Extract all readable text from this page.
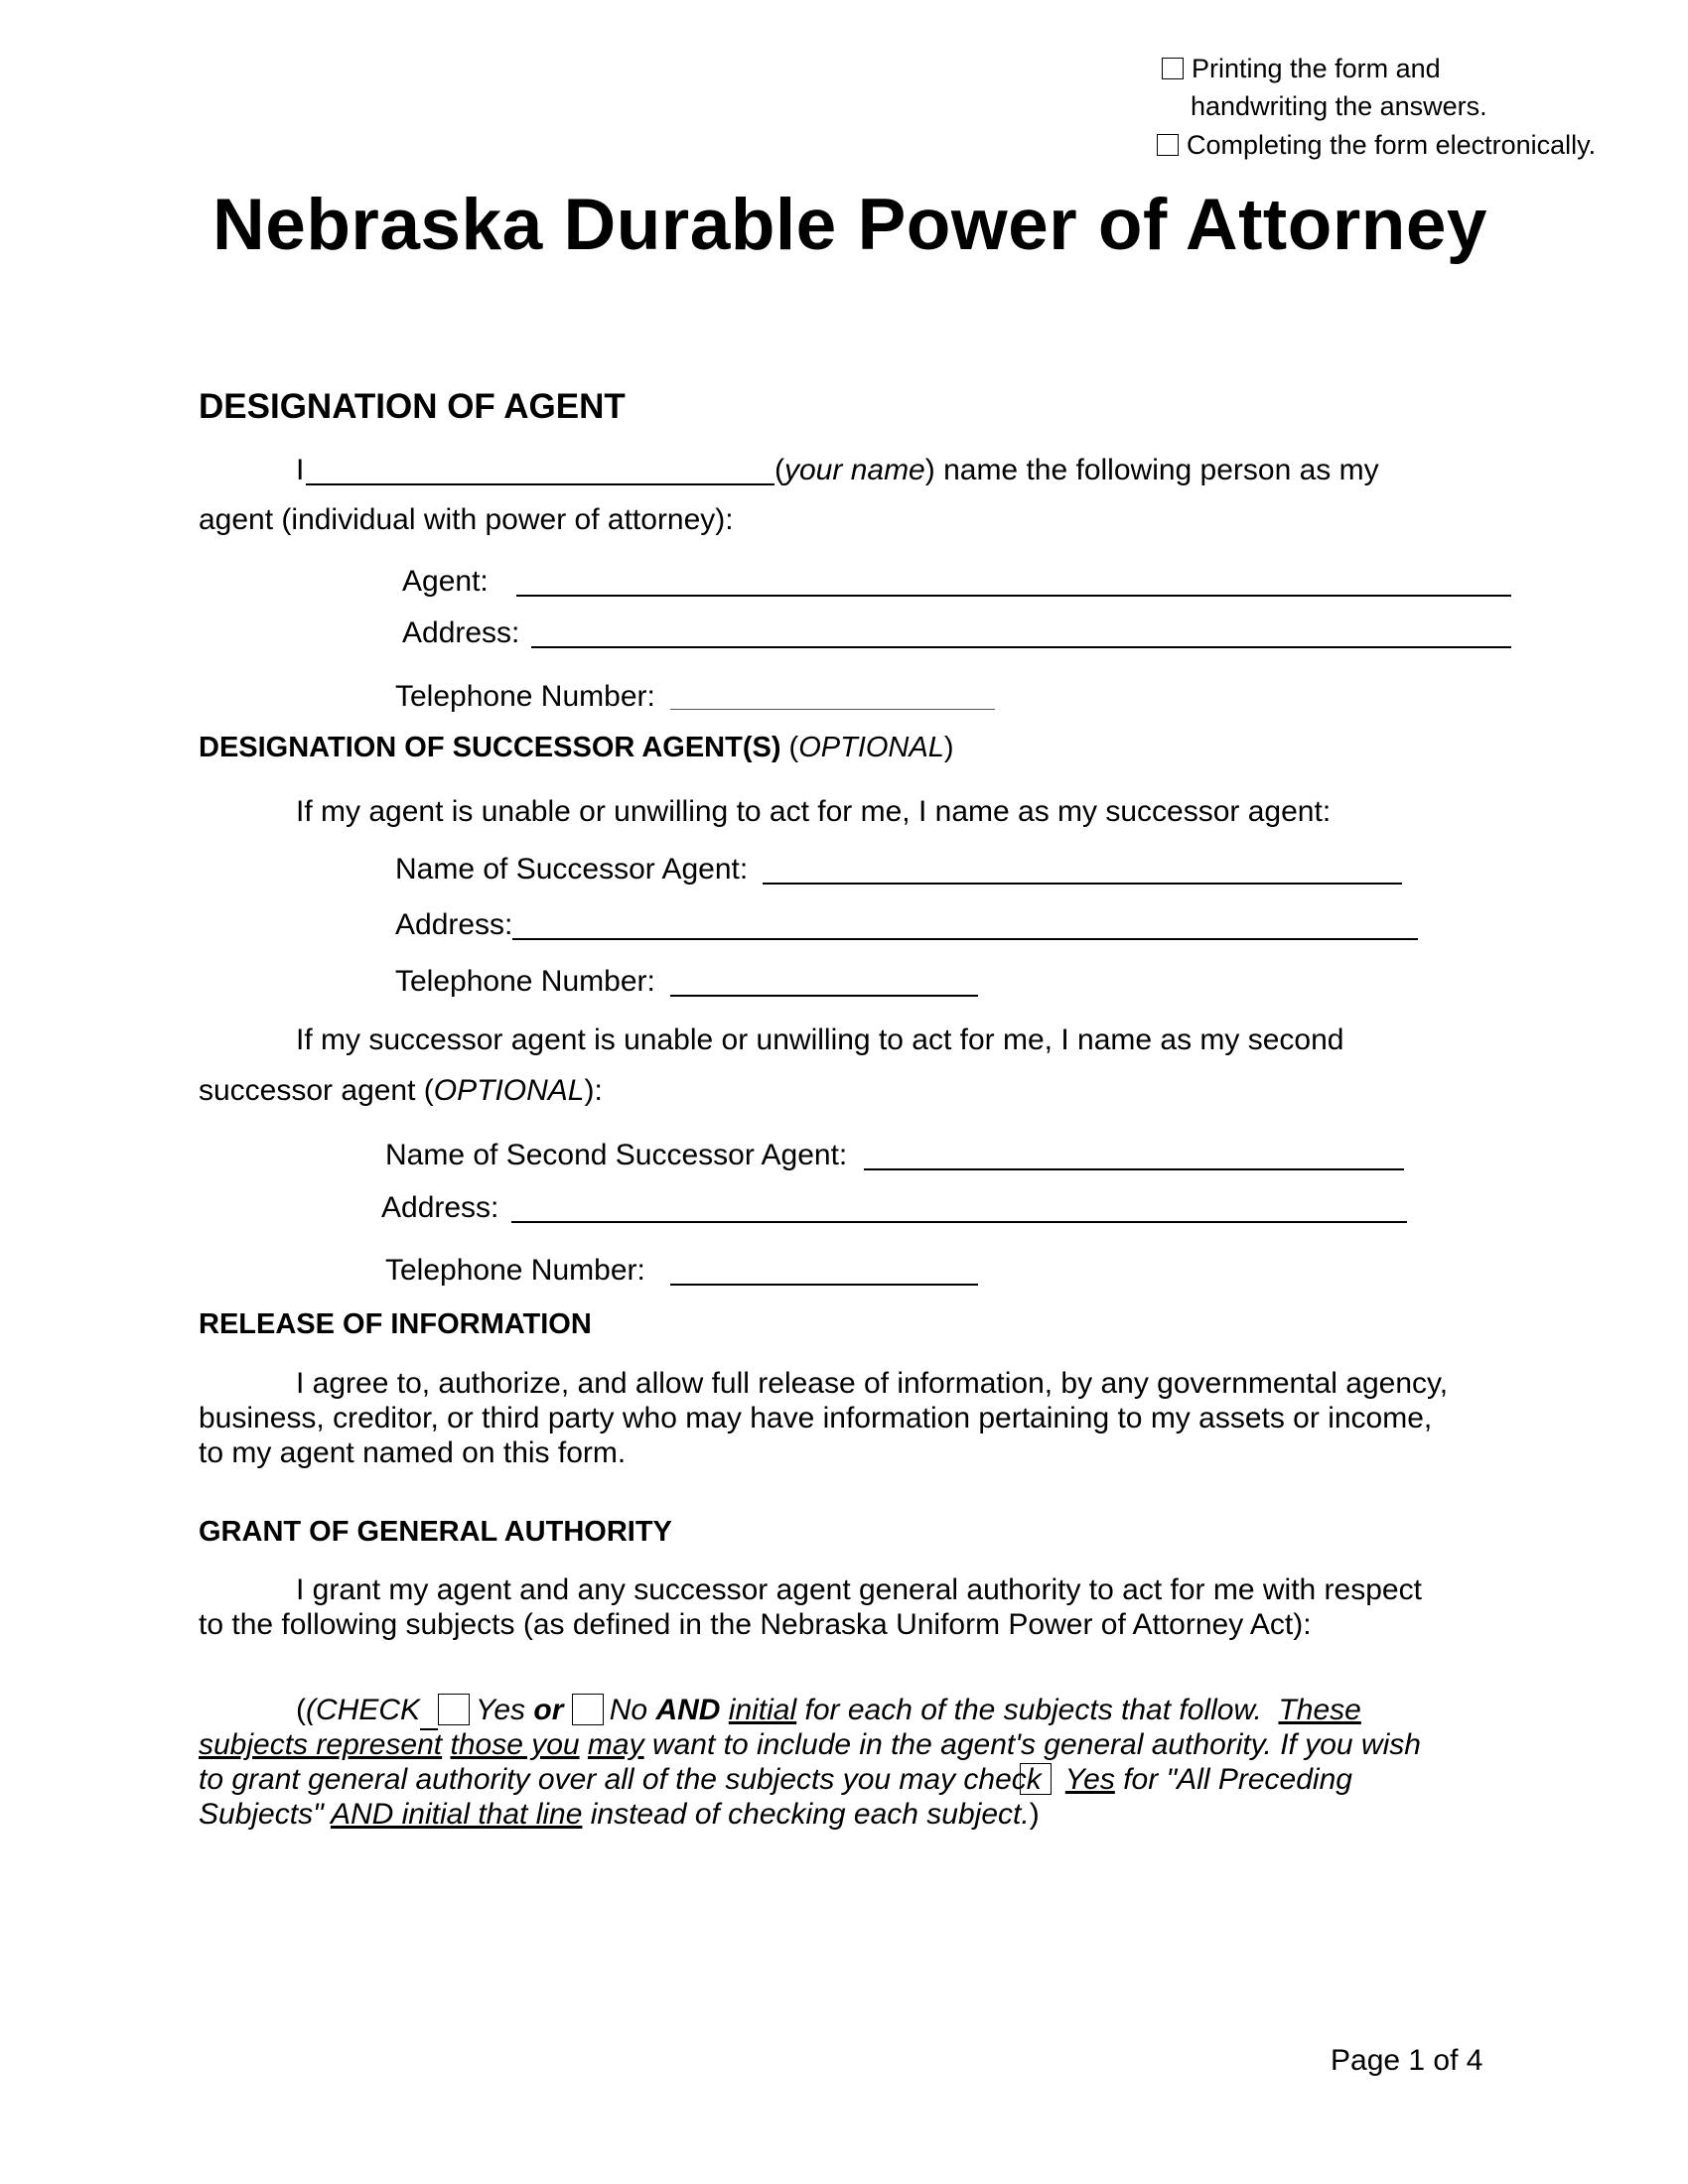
Printing the form and
handwriting the answers.
Completing the form electronically.
Nebraska Durable Power of Attorney
DESIGNATION OF AGENT
I	(your name) name the following person as my
agent (individual with power of attorney):
Agent:
Address:
Telephone Number:
DESIGNATION OF SUCCESSOR AGENT(S) (OPTIONAL)
If my agent is unable or unwilling to act for me, I name as my successor agent:
Name of Successor Agent:
Address:
Telephone Number:
If my successor agent is unable or unwilling to act for me, I name as my second
successor agent (OPTIONAL):
Name of Second Successor Agent:
Address:
Telephone Number:
RELEASE OF INFORMATION
I agree to, authorize, and allow full release of information, by any governmental agency,
business, creditor, or third party who may have information pertaining to my assets or income,
to my agent named on this form.
GRANT OF GENERAL AUTHORITY
I grant my agent and any successor agent general authority to act for me with respect
to the following subjects (as defined in the Nebraska Uniform Power of Attorney Act):
((CHECK Yes or No AND initial for each of the subjects that follow. These
subjects represent those you may want to include in the agent's general authority. If you wish
to grant general authority over all of the subjects you may check Yes for "All Preceding
Subjects" AND initial that line instead of checking each subject.)
Page 1 of 4
